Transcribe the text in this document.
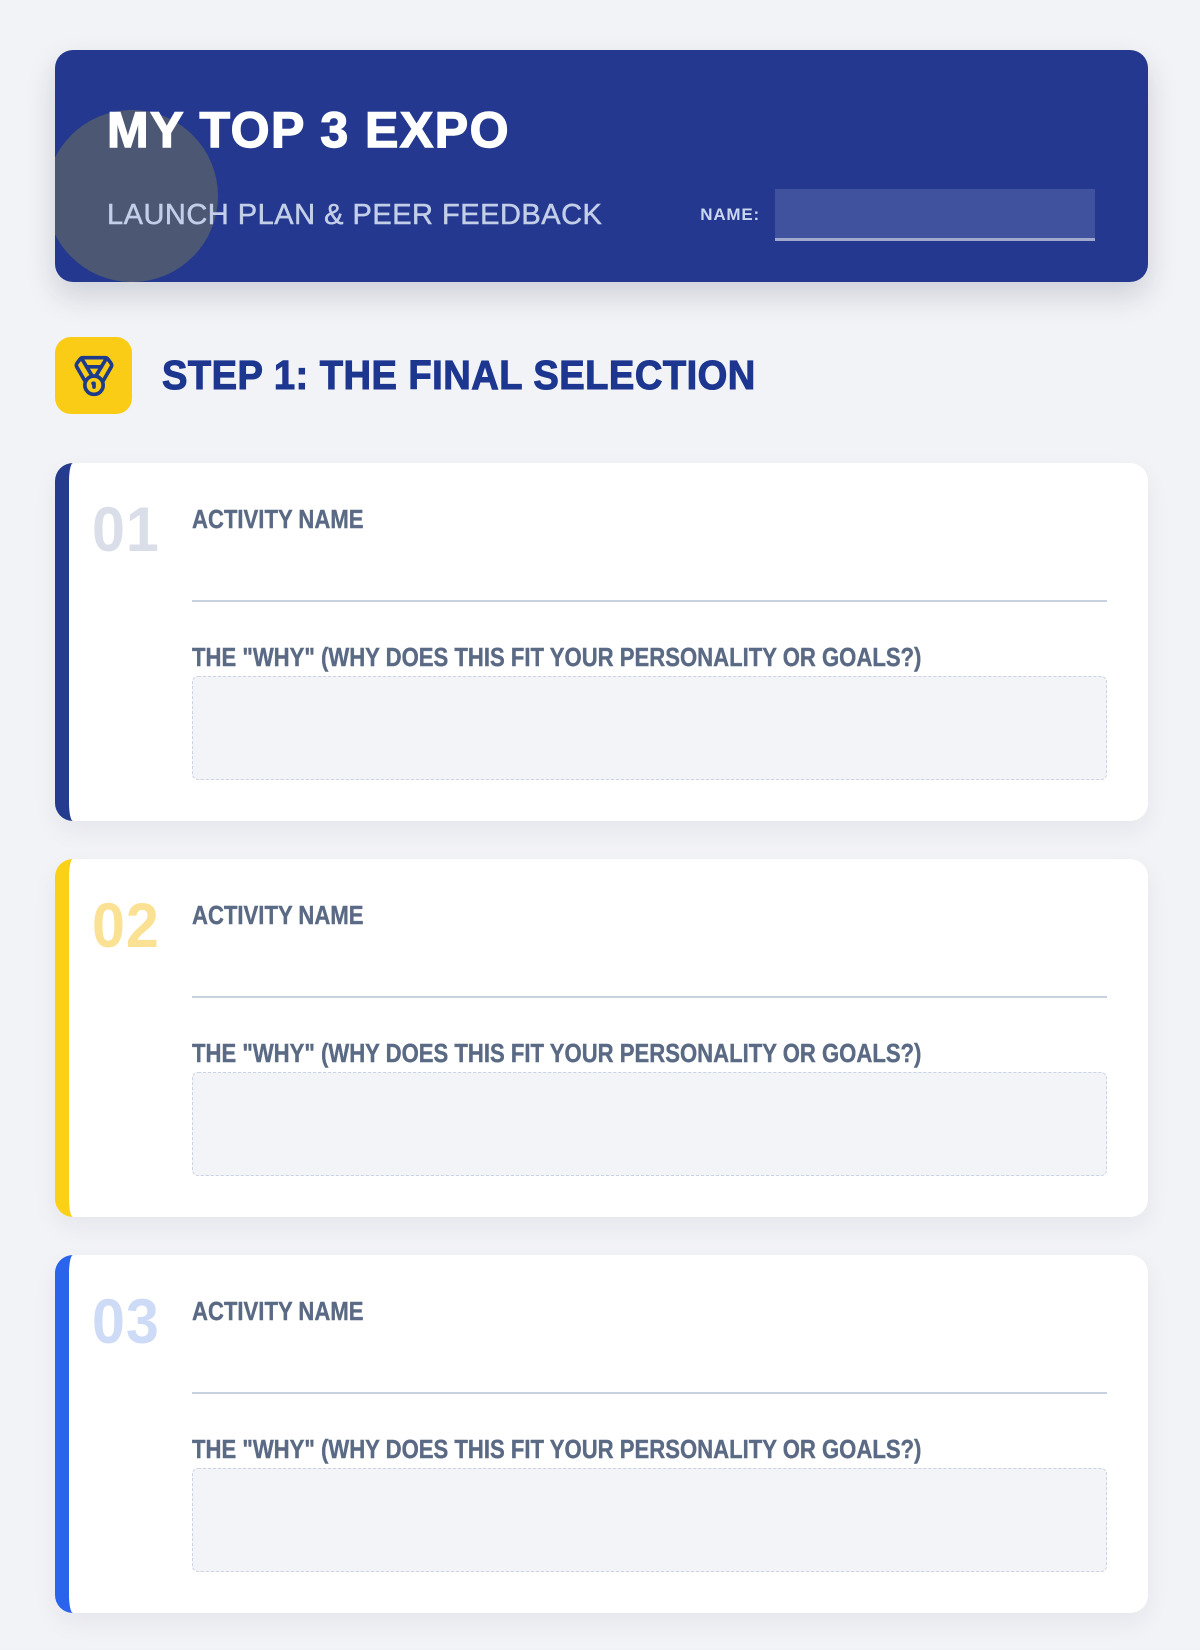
MY TOP 3 EXPO
LAUNCH PLAN & PEER FEEDBACK	NAME:
STEP 1: THE FINAL SELECTION
01 ACTIVITY NAME
THE "WHY" (WHY DOES THIS FIT YOUR PERSONALITY OR GOALS?)
02 ACTIVITY NAME
THE "WHY" (WHY DOES THIS FIT YOUR PERSONALITY OR GOALS?)
03 ACTIVITY NAME
THE "WHY" (WHY DOES THIS FIT YOUR PERSONALITY OR GOALS?)
